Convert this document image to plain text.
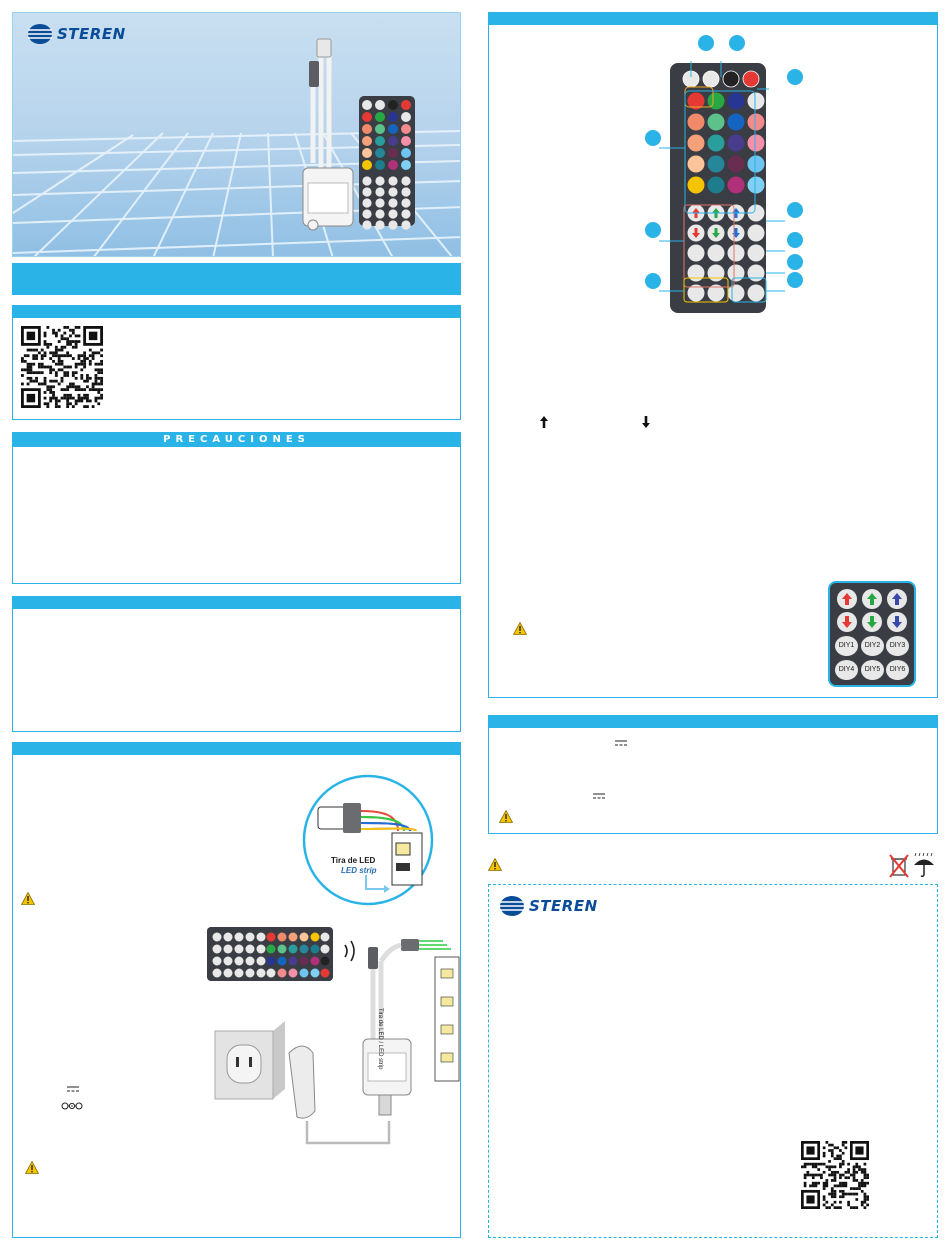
STEREN
PRECAUCIONES
Tira de LED
LED strip
Tira de LED / LED strip
DIY1	DIY2	DIY3
DIY4	DIY5	DIY6
STEREN
